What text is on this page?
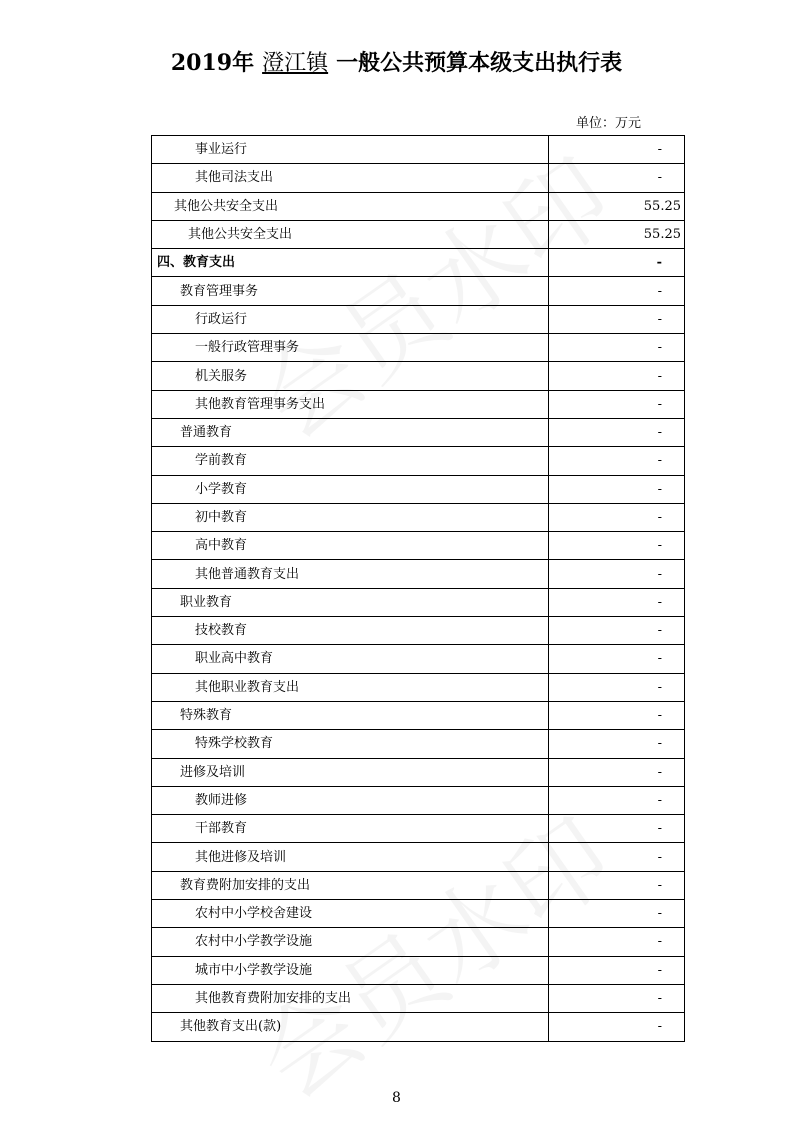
2019年 澄江镇 一般公共预算本级支出执行表
单位：万元
事业运行	-
其他司法支出	-
其他公共安全支出	55.25
其他公共安全支出	55.25
四、教育支出	-
教育管理事务	-
行政运行	-
一般行政管理事务	-
机关服务	-
其他教育管理事务支出	-
普通教育	-
学前教育	-
小学教育	-
初中教育	-
高中教育	-
其他普通教育支出	-
职业教育	-
技校教育	-
职业高中教育	-
其他职业教育支出	-
特殊教育	-
特殊学校教育	-
进修及培训	-
教师进修	-
干部教育	-
其他进修及培训	-
教育费附加安排的支出	-
农村中小学校舍建设	-
农村中小学教学设施	-
城市中小学教学设施	-
其他教育费附加安排的支出	-
其他教育支出(款)	-
8
